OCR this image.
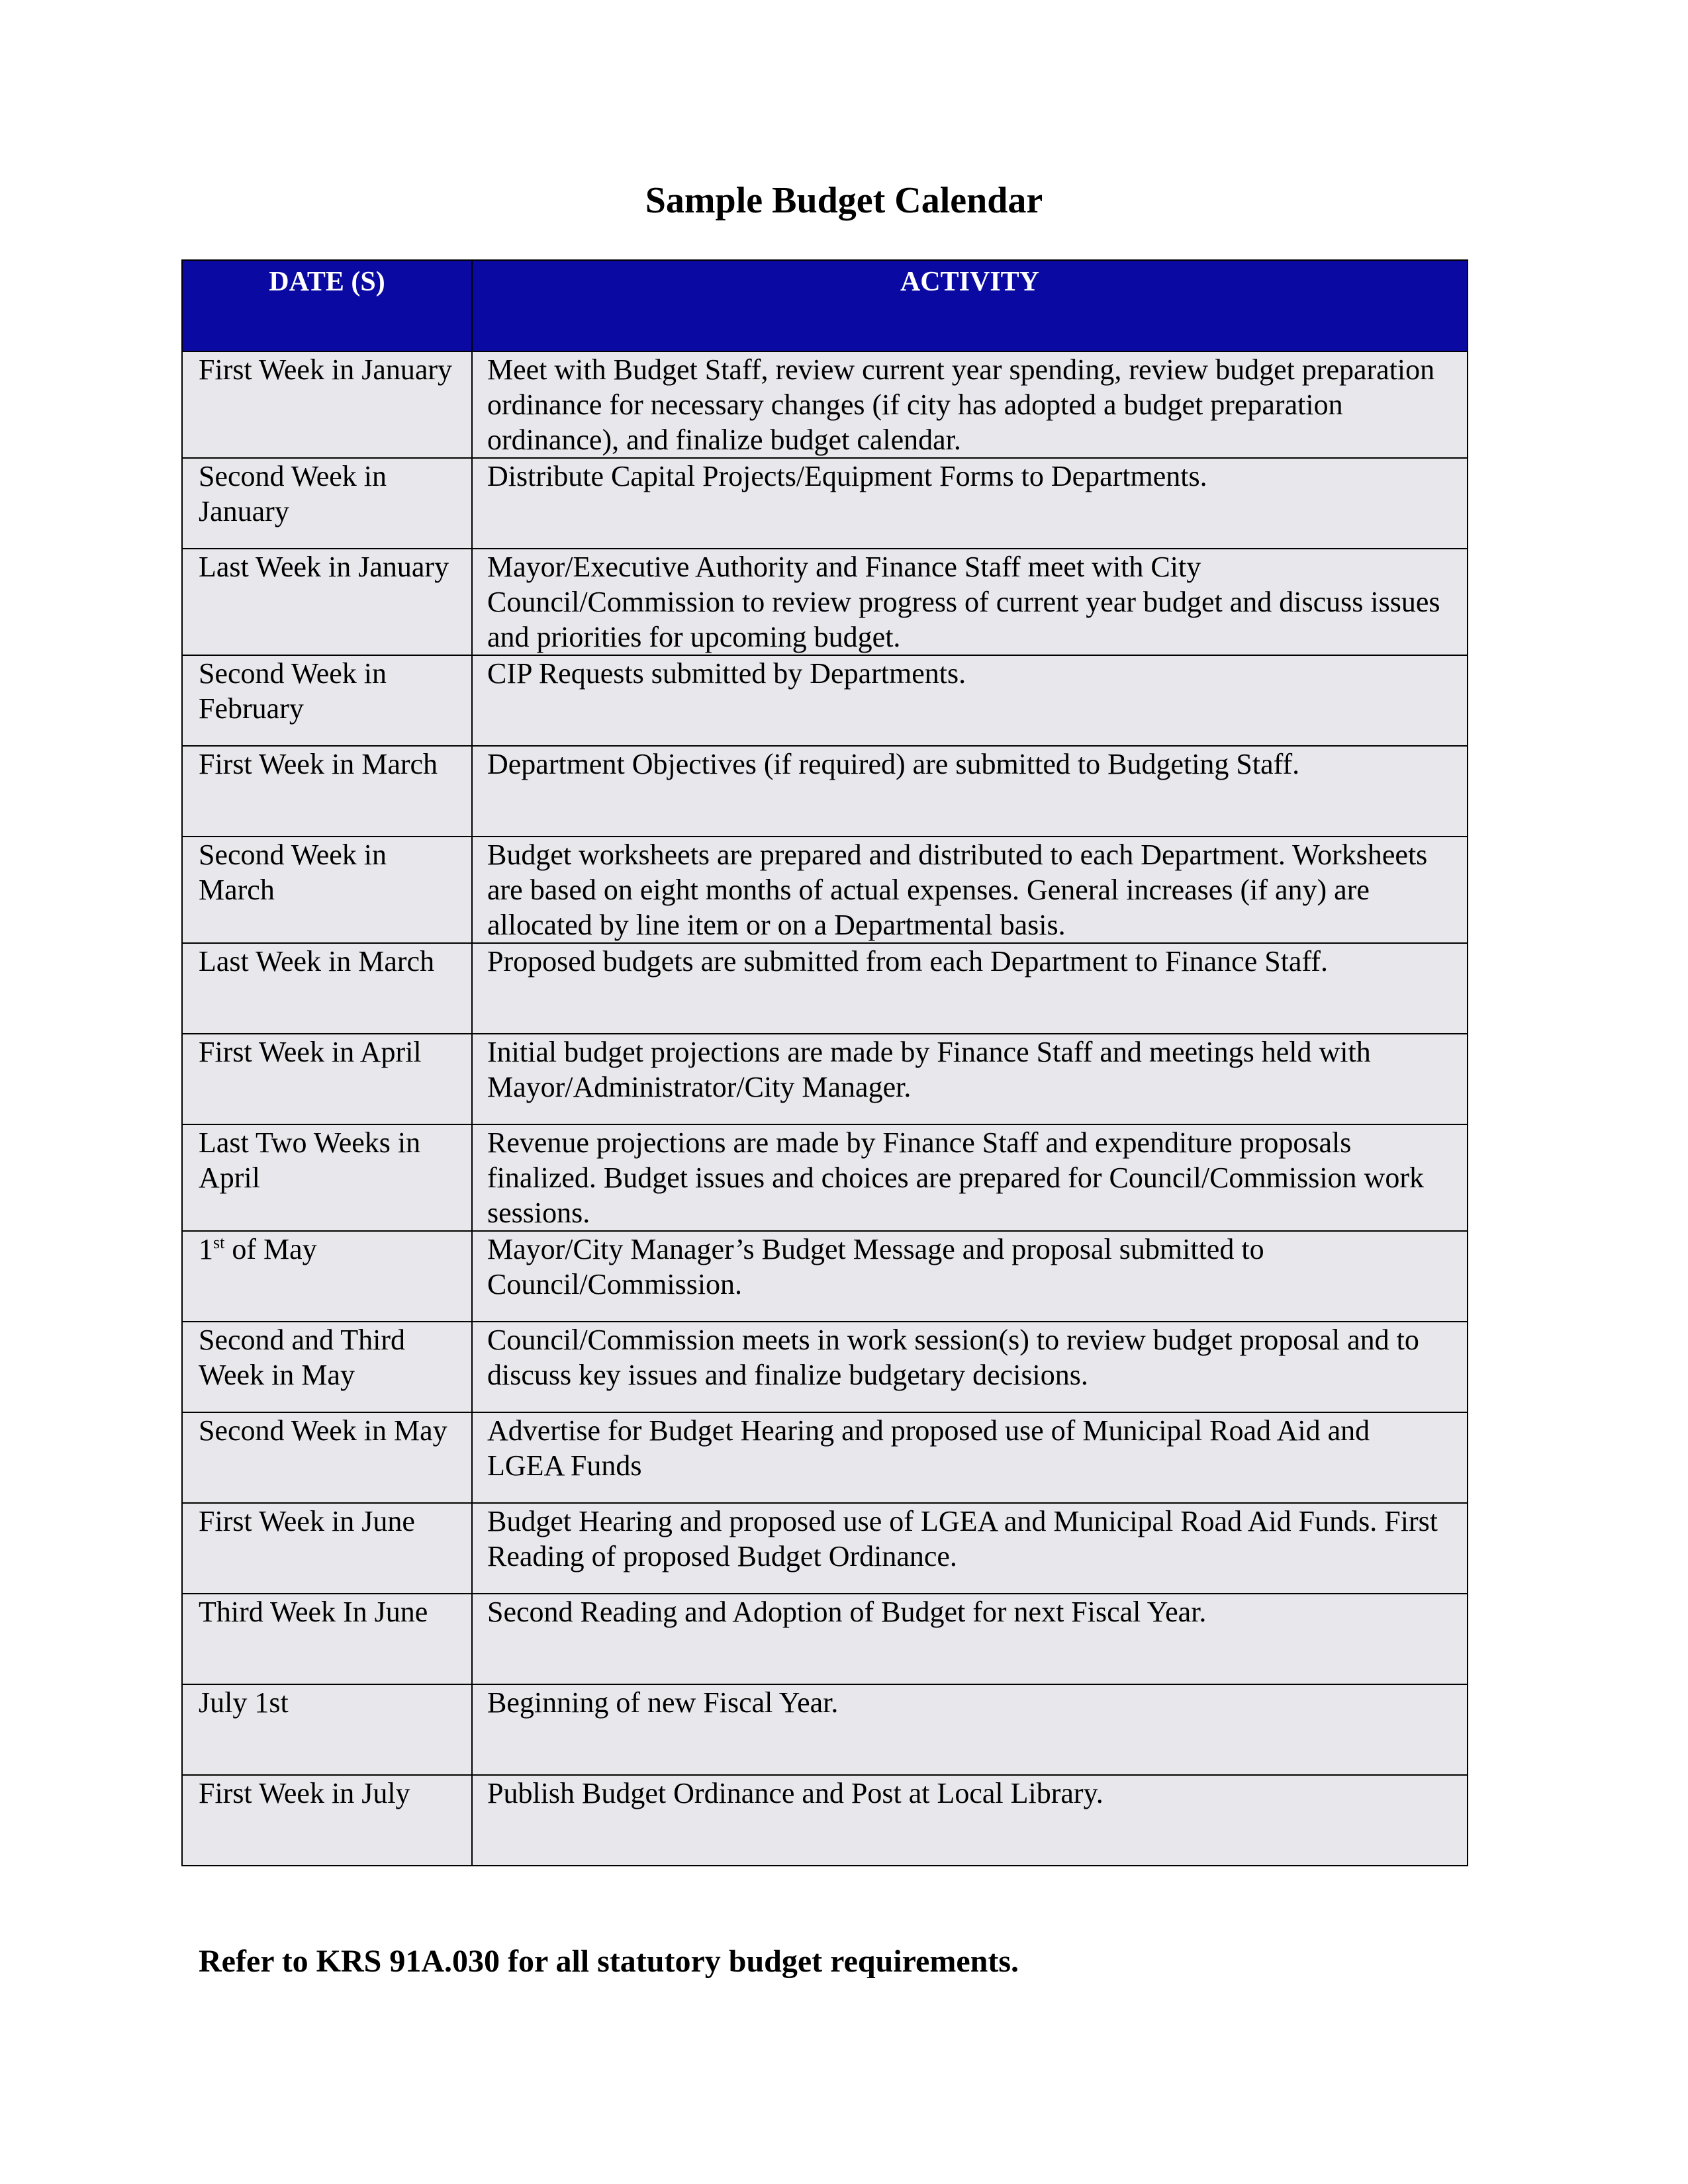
Sample Budget Calendar
DATE (S)	ACTIVITY
First Week in January	Meet with Budget Staff, review current year spending, review budget preparation ordinance for necessary changes (if city has adopted a budget preparation ordinance), and finalize budget calendar.
Second Week in January	Distribute Capital Projects/Equipment Forms to Departments.
Last Week in January	Mayor/Executive Authority and Finance Staff meet with City Council/Commission to review progress of current year budget and discuss issues and priorities for upcoming budget.
Second Week in February	CIP Requests submitted by Departments.
First Week in March	Department Objectives (if required) are submitted to Budgeting Staff.
Second Week in March	Budget worksheets are prepared and distributed to each Department. Worksheets are based on eight months of actual expenses. General increases (if any) are allocated by line item or on a Departmental basis.
Last Week in March	Proposed budgets are submitted from each Department to Finance Staff.
First Week in April	Initial budget projections are made by Finance Staff and meetings held with Mayor/Administrator/City Manager.
Last Two Weeks in April	Revenue projections are made by Finance Staff and expenditure proposals finalized. Budget issues and choices are prepared for Council/Commission work sessions.
1st of May	Mayor/City Manager’s Budget Message and proposal submitted to Council/Commission.
Second and Third Week in May	Council/Commission meets in work session(s) to review budget proposal and to discuss key issues and finalize budgetary decisions.
Second Week in May	Advertise for Budget Hearing and proposed use of Municipal Road Aid and LGEA Funds
First Week in June	Budget Hearing and proposed use of LGEA and Municipal Road Aid Funds. First Reading of proposed Budget Ordinance.
Third Week In June	Second Reading and Adoption of Budget for next Fiscal Year.
July 1st	Beginning of new Fiscal Year.
First Week in July	Publish Budget Ordinance and Post at Local Library.
Refer to KRS 91A.030 for all statutory budget requirements.
